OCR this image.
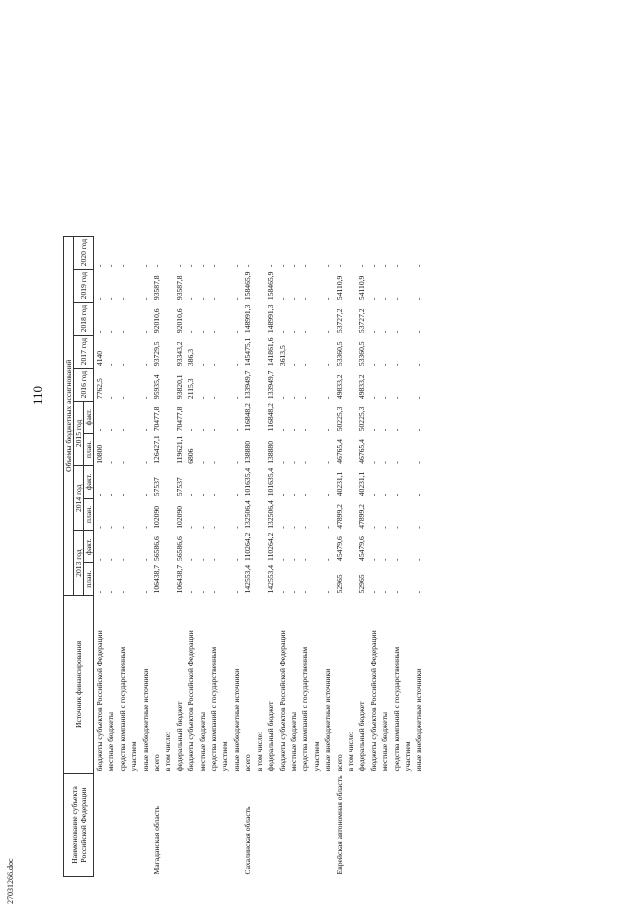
110
27031266.doc
Наименование субъекта Российской Федерации	Источник финансирования	Объемы бюджетных ассигнований										
		2013 год		2014 год		2015 год		2016 год	2017 год	2018 год	2019 год	2020 год
		план.	факт.	план.	факт.	план.	факт.					
	бюджеты субъектов Российской Федерации	-	-	-	-	10800	-	7762,5	4140	-	-	-
	местные бюджеты	-	-	-	-	-	-	-	-	-	-	-
	средства компаний с государственным	-	-	-	-	-	-	-	-	-	-	-
	участием											
	иные внебюджетные источники	-	-	-	-	-	-	-	-	-	-	-
Магаданская область	всего	106438,7	56586,6	102090	57537	126427,1	70477,8	95935,4	93729,5	92010,6	93587,8	-
	в том числе:											
	федеральный бюджет	106438,7	56586,6	102090	57537	119621,1	70477,8	93820,1	93343,2	92010,6	93587,8	-
	бюджеты субъектов Российской Федерации	-	-	-	-	6806	-	2115,3	386,3	-	-	-
	местные бюджеты	-	-	-	-	-	-	-	-	-	-	-
	средства компаний с государственным	-	-	-	-	-	-	-	-	-	-	-
	участием											
	иные внебюджетные источники	-	-	-	-	-	-	-	-	-	-	-
Сахалинская область	всего	142553,4	110264,2	132506,4	101635,4	138880	116848,2	133949,7	145475,1	148991,3	158465,9	-
	в том числе:											
	федеральный бюджет	142553,4	110264,2	132506,4	101635,4	138880	116848,2	133949,7	141861,6	148991,3	158465,9	-
	бюджеты субъектов Российской Федерации	-	-	-	-	-	-	-	3613,5	-	-	-
	местные бюджеты	-	-	-	-	-	-	-	-	-	-	-
	средства компаний с государственным	-	-	-	-	-	-	-	-	-	-	-
	участием											
	иные внебюджетные источники	-	-	-	-	-	-	-	-	-	-	-
Еврейская автономная область	всего	52965	45479,6	47899,2	40231,1	46765,4	50225,3	49833,2	53360,5	53727,2	54110,9	-
	в том числе:											
	федеральный бюджет	52965	45479,6	47899,2	40231,1	46765,4	50225,3	49833,2	53360,5	53727,2	54110,9	-
	бюджеты субъектов Российской Федерации	-	-	-	-	-	-	-	-	-	-	-
	местные бюджеты	-	-	-	-	-	-	-	-	-	-	-
	средства компаний с государственным	-	-	-	-	-	-	-	-	-	-	-
	участием											
	иные внебюджетные источники	-	-	-	-	-	-	-	-	-	-	-
